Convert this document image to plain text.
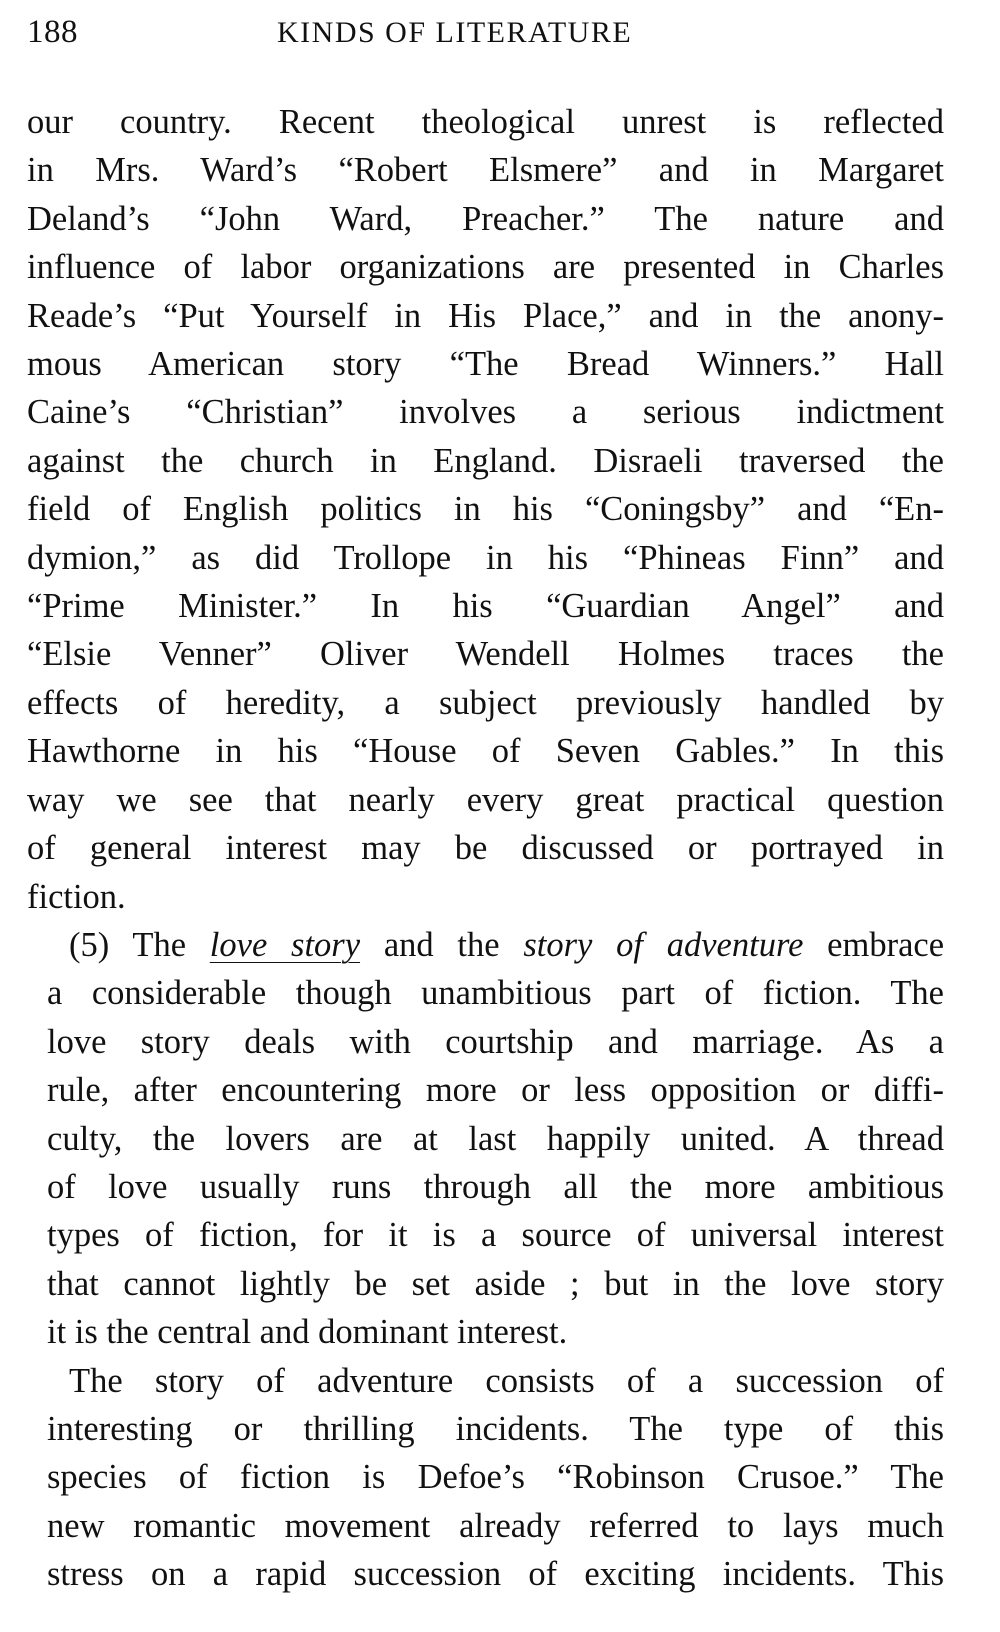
188	KINDS OF LITERATURE

our country. Recent theological unrest is reflected
in Mrs. Ward’s “Robert Elsmere” and in Margaret
Deland’s “John Ward, Preacher.” The nature and
influence of labor organizations are presented in Charles
Reade’s “Put Yourself in His Place,” and in the anony-
mous American story “The Bread Winners.” Hall
Caine’s “Christian” involves a serious indictment
against the church in England. Disraeli traversed the
field of English politics in his “Coningsby” and “En-
dymion,” as did Trollope in his “Phineas Finn” and
“Prime Minister.” In his “Guardian Angel” and
“Elsie Venner” Oliver Wendell Holmes traces the
effects of heredity, a subject previously handled by
Hawthorne in his “House of Seven Gables.” In this
way we see that nearly every great practical question
of general interest may be discussed or portrayed in
fiction.

(5) The love story and the story of adventure embrace
a considerable though unambitious part of fiction. The
love story deals with courtship and marriage. As a
rule, after encountering more or less opposition or diffi-
culty, the lovers are at last happily united. A thread
of love usually runs through all the more ambitious
types of fiction, for it is a source of universal interest
that cannot lightly be set aside ; but in the love story
it is the central and dominant interest.

The story of adventure consists of a succession of
interesting or thrilling incidents. The type of this
species of fiction is Defoe’s “Robinson Crusoe.” The
new romantic movement already referred to lays much
stress on a rapid succession of exciting incidents. This
